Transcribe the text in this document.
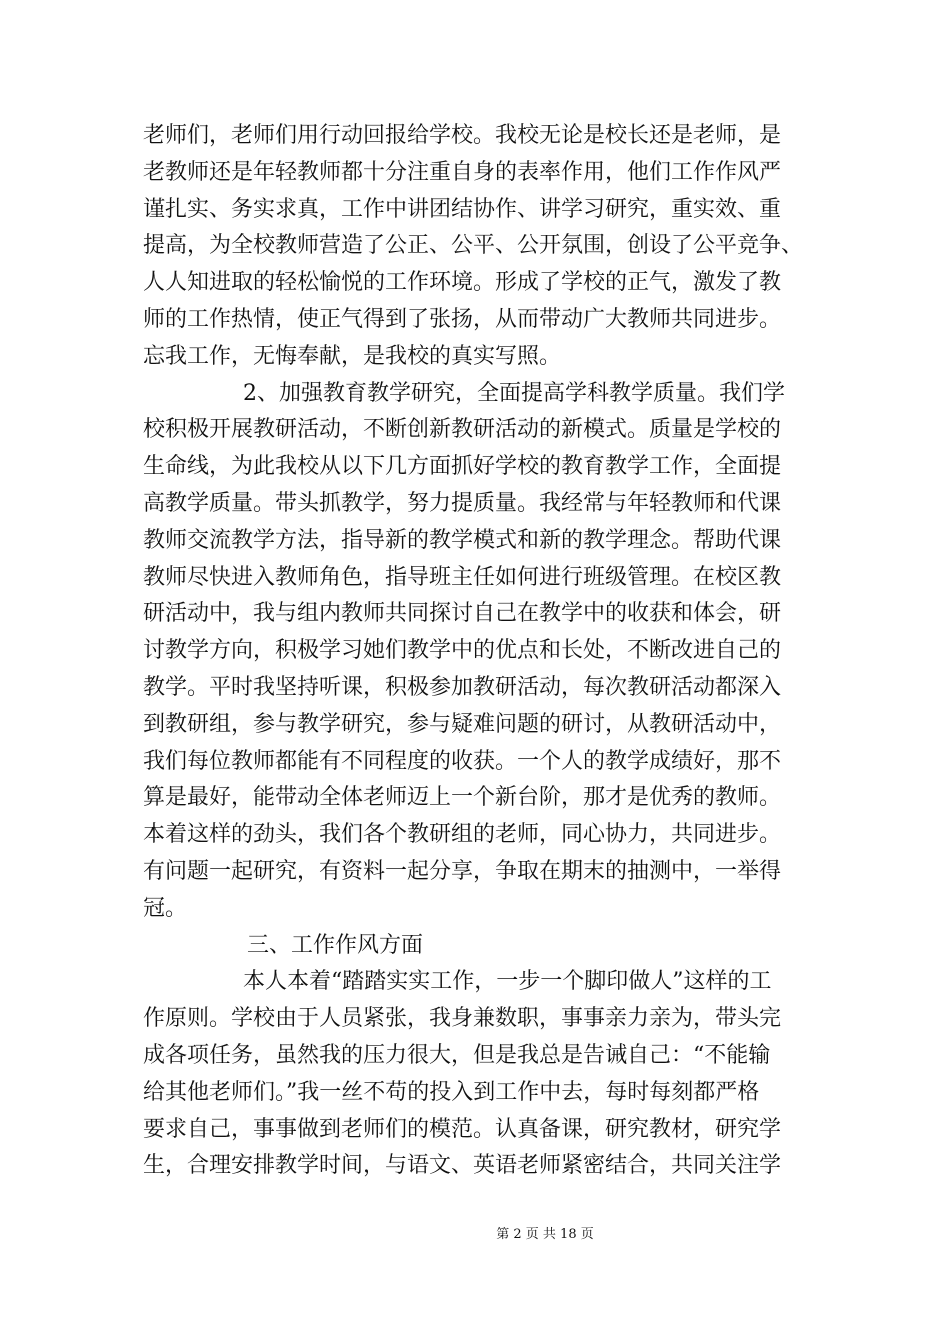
老师们，老师们用行动回报给学校。我校无论是校长还是老师，是
老教师还是年轻教师都十分注重自身的表率作用，他们工作作风严
谨扎实、务实求真，工作中讲团结协作、讲学习研究，重实效、重
提高，为全校教师营造了公正、公平、公开氛围，创设了公平竞争、
人人知进取的轻松愉悦的工作环境。形成了学校的正气，激发了教
师的工作热情，使正气得到了张扬，从而带动广大教师共同进步。
忘我工作，无悔奉献，是我校的真实写照。
2、加强教育教学研究，全面提高学科教学质量。我们学
校积极开展教研活动，不断创新教研活动的新模式。质量是学校的
生命线，为此我校从以下几方面抓好学校的教育教学工作，全面提
高教学质量。带头抓教学，努力提质量。我经常与年轻教师和代课
教师交流教学方法，指导新的教学模式和新的教学理念。帮助代课
教师尽快进入教师角色，指导班主任如何进行班级管理。在校区教
研活动中，我与组内教师共同探讨自己在教学中的收获和体会，研
讨教学方向，积极学习她们教学中的优点和长处，不断改进自己的
教学。平时我坚持听课，积极参加教研活动，每次教研活动都深入
到教研组，参与教学研究，参与疑难问题的研讨，从教研活动中，
我们每位教师都能有不同程度的收获。一个人的教学成绩好，那不
算是最好，能带动全体老师迈上一个新台阶，那才是优秀的教师。
本着这样的劲头，我们各个教研组的老师，同心协力，共同进步。
有问题一起研究，有资料一起分享，争取在期末的抽测中，一举得
冠。
三、工作作风方面
本人本着“踏踏实实工作，一步一个脚印做人”这样的工
作原则。学校由于人员紧张，我身兼数职，事事亲力亲为，带头完
成各项任务，虽然我的压力很大，但是我总是告诫自己：“不能输
给其他老师们。”我一丝不苟的投入到工作中去，每时每刻都严格
要求自己，事事做到老师们的模范。认真备课，研究教材，研究学
生，合理安排教学时间，与语文、英语老师紧密结合，共同关注学
第 2 页 共 18 页
